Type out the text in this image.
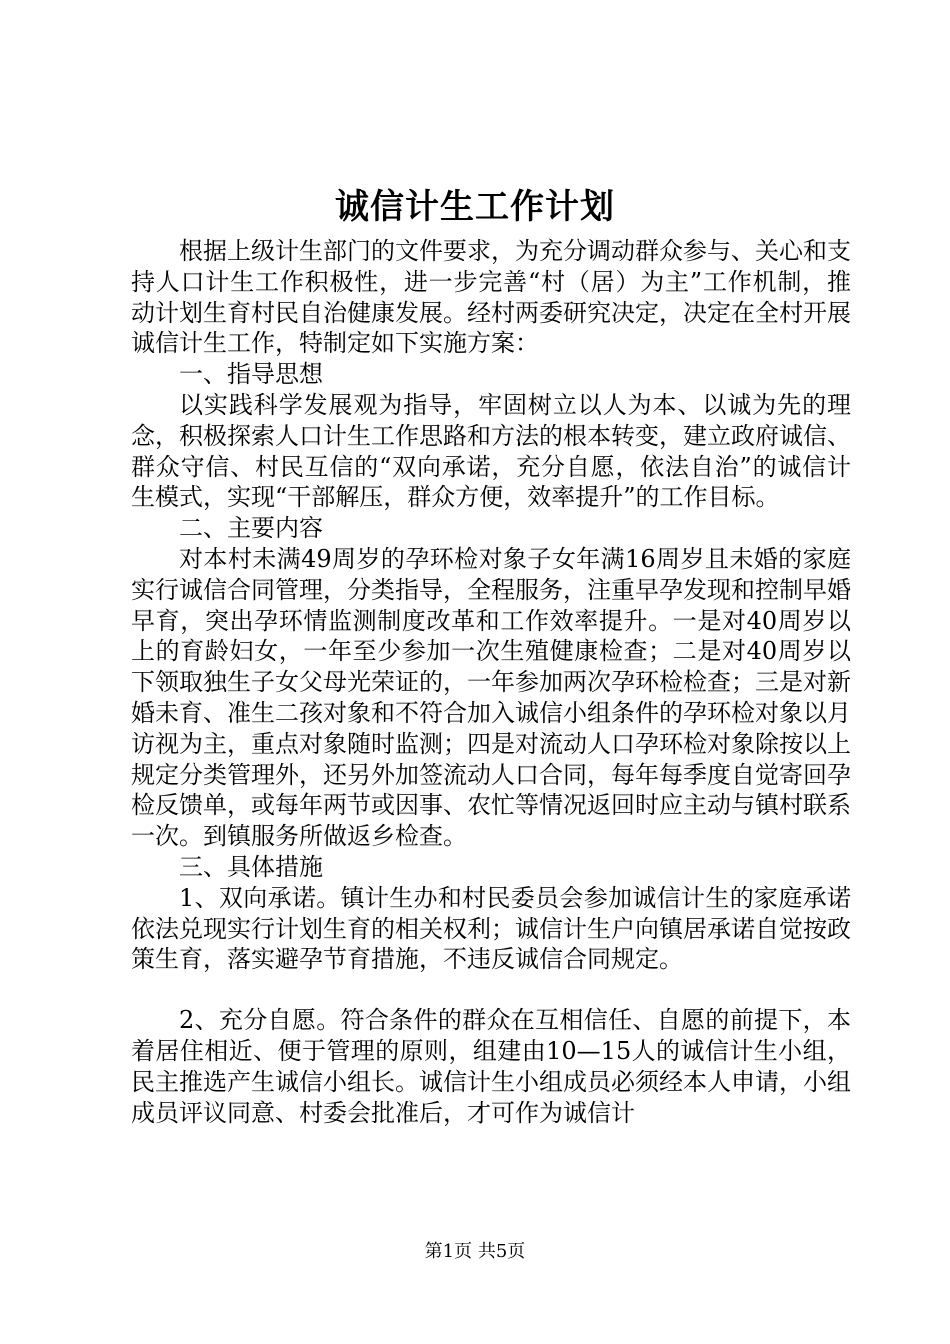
诚信计生工作计划

根据上级计生部门的文件要求，为充分调动群众参与、关心和支持人口计生工作积极性，进一步完善“村（居）为主”工作机制，推动计划生育村民自治健康发展。经村两委研究决定，决定在全村开展诚信计生工作，特制定如下实施方案：

一、指导思想

以实践科学发展观为指导，牢固树立以人为本、以诚为先的理念，积极探索人口计生工作思路和方法的根本转变，建立政府诚信、群众守信、村民互信的“双向承诺，充分自愿，依法自治”的诚信计生模式，实现“干部解压，群众方便，效率提升”的工作目标。

二、主要内容

对本村未满49周岁的孕环检对象子女年满16周岁且未婚的家庭实行诚信合同管理，分类指导，全程服务，注重早孕发现和控制早婚早育，突出孕环情监测制度改革和工作效率提升。一是对40周岁以上的育龄妇女，一年至少参加一次生殖健康检查；二是对40周岁以下领取独生子女父母光荣证的，一年参加两次孕环检检查；三是对新婚未育、准生二孩对象和不符合加入诚信小组条件的孕环检对象以月访视为主，重点对象随时监测；四是对流动人口孕环检对象除按以上规定分类管理外，还另外加签流动人口合同，每年每季度自觉寄回孕检反馈单，或每年两节或因事、农忙等情况返回时应主动与镇村联系一次。到镇服务所做返乡检查。

三、具体措施

1、双向承诺。镇计生办和村民委员会参加诚信计生的家庭承诺依法兑现实行计划生育的相关权利；诚信计生户向镇居承诺自觉按政策生育，落实避孕节育措施，不违反诚信合同规定。

2、充分自愿。符合条件的群众在互相信任、自愿的前提下，本着居住相近、便于管理的原则，组建由10—15人的诚信计生小组，民主推选产生诚信小组长。诚信计生小组成员必须经本人申请，小组成员评议同意、村委会批准后，才可作为诚信计

第1页 共5页
